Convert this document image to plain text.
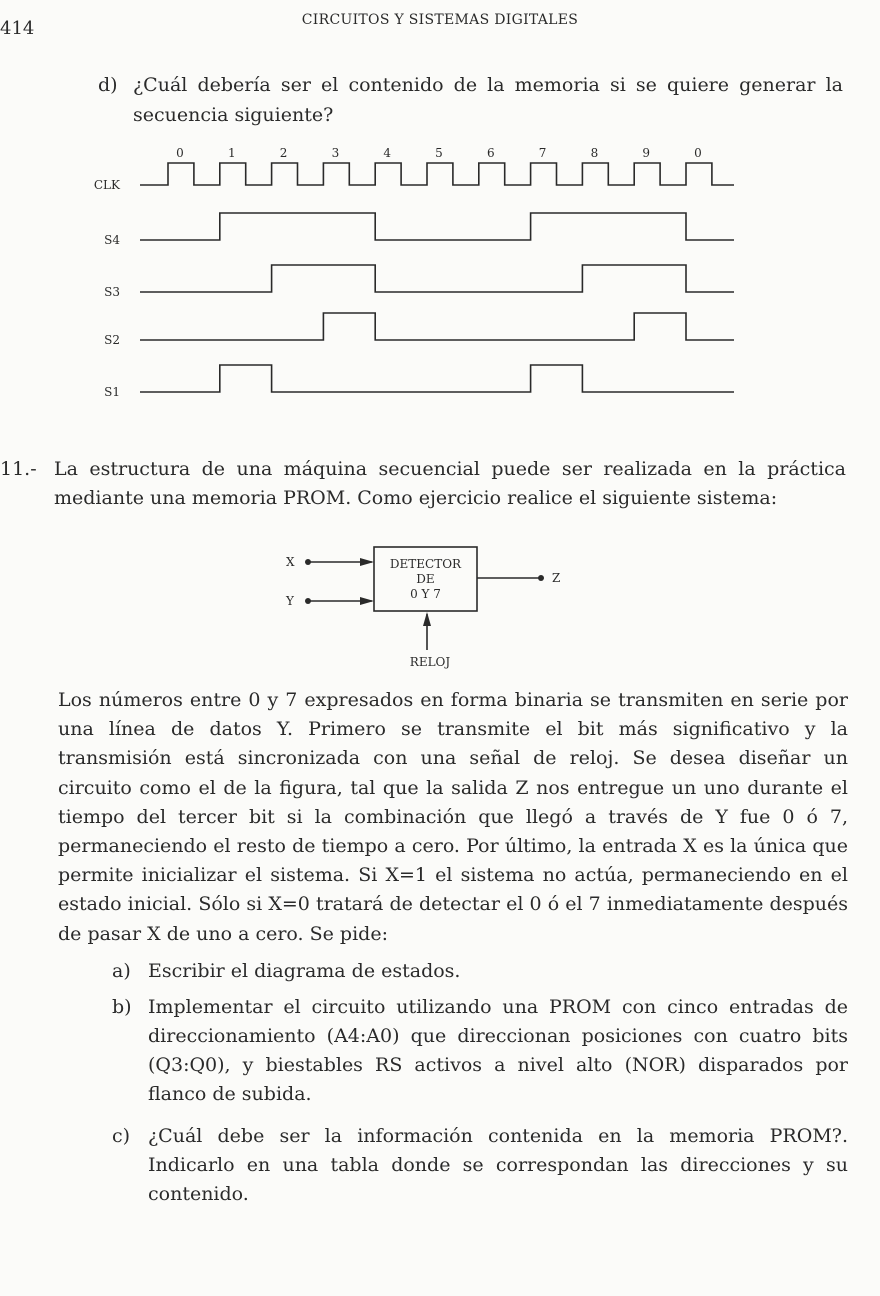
414	CIRCUITOS Y SISTEMAS DIGITALES
d) ¿Cuál debería ser el contenido de la memoria si se quiere generar la secuencia siguiente?
0	1	2	3	4	5	6	7	8	9	0
CLK
S4
S3
S2
S1
11.- La estructura de una máquina secuencial puede ser realizada en la práctica mediante una memoria PROM. Como ejercicio realice el siguiente sistema:
X
Y
DETECTOR
DE
0 Y 7
Z
RELOJ
Los números entre 0 y 7 expresados en forma binaria se transmiten en serie por una línea de datos Y. Primero se transmite el bit más significativo y la transmisión está sincronizada con una señal de reloj. Se desea diseñar un circuito como el de la figura, tal que la salida Z nos entregue un uno durante el tiempo del tercer bit si la combinación que llegó a través de Y fue 0 ó 7, permaneciendo el resto de tiempo a cero. Por último, la entrada X es la única que permite inicializar el sistema. Si X=1 el sistema no actúa, permaneciendo en el estado inicial. Sólo si X=0 tratará de detectar el 0 ó el 7 inmediatamente después de pasar X de uno a cero. Se pide:
a) Escribir el diagrama de estados.
b) Implementar el circuito utilizando una PROM con cinco entradas de direccionamiento (A4:A0) que direccionan posiciones con cuatro bits (Q3:Q0), y biestables RS activos a nivel alto (NOR) disparados por flanco de subida.
c) ¿Cuál debe ser la información contenida en la memoria PROM?. Indicarlo en una tabla donde se correspondan las direcciones y su contenido.
